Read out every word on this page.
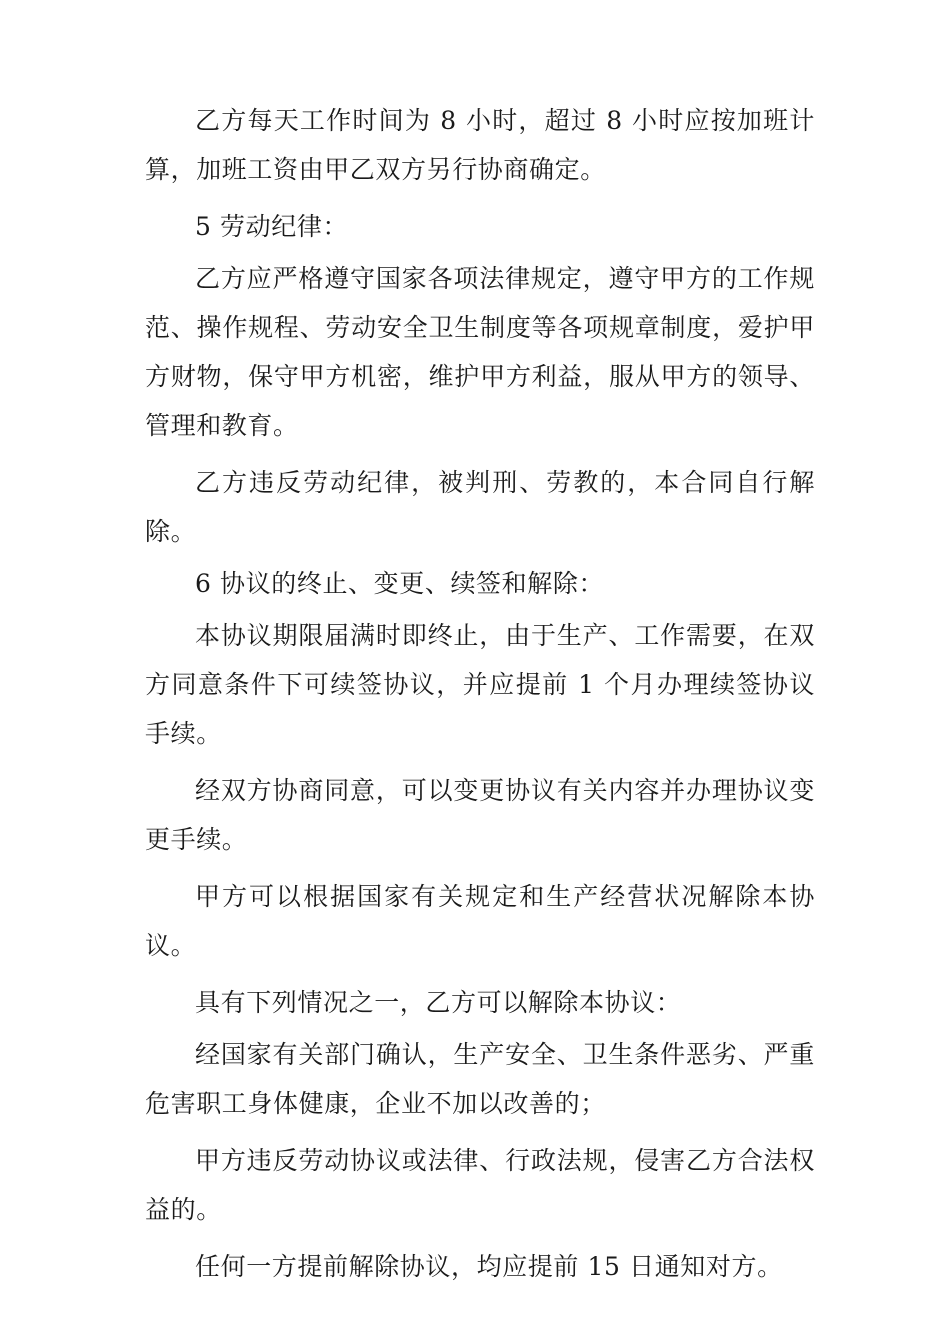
乙方每天工作时间为 8 小时，超过 8 小时应按加班计算，加班工资由甲乙双方另行协商确定。

5 劳动纪律：

乙方应严格遵守国家各项法律规定，遵守甲方的工作规范、操作规程、劳动安全卫生制度等各项规章制度，爱护甲方财物，保守甲方机密，维护甲方利益，服从甲方的领导、管理和教育。

乙方违反劳动纪律，被判刑、劳教的，本合同自行解除。

6 协议的终止、变更、续签和解除：

本协议期限届满时即终止，由于生产、工作需要，在双方同意条件下可续签协议，并应提前 1 个月办理续签协议手续。

经双方协商同意，可以变更协议有关内容并办理协议变更手续。

甲方可以根据国家有关规定和生产经营状况解除本协议。

具有下列情况之一，乙方可以解除本协议：

经国家有关部门确认，生产安全、卫生条件恶劣、严重危害职工身体健康，企业不加以改善的；

甲方违反劳动协议或法律、行政法规，侵害乙方合法权益的。

任何一方提前解除协议，均应提前 15 日通知对方。
